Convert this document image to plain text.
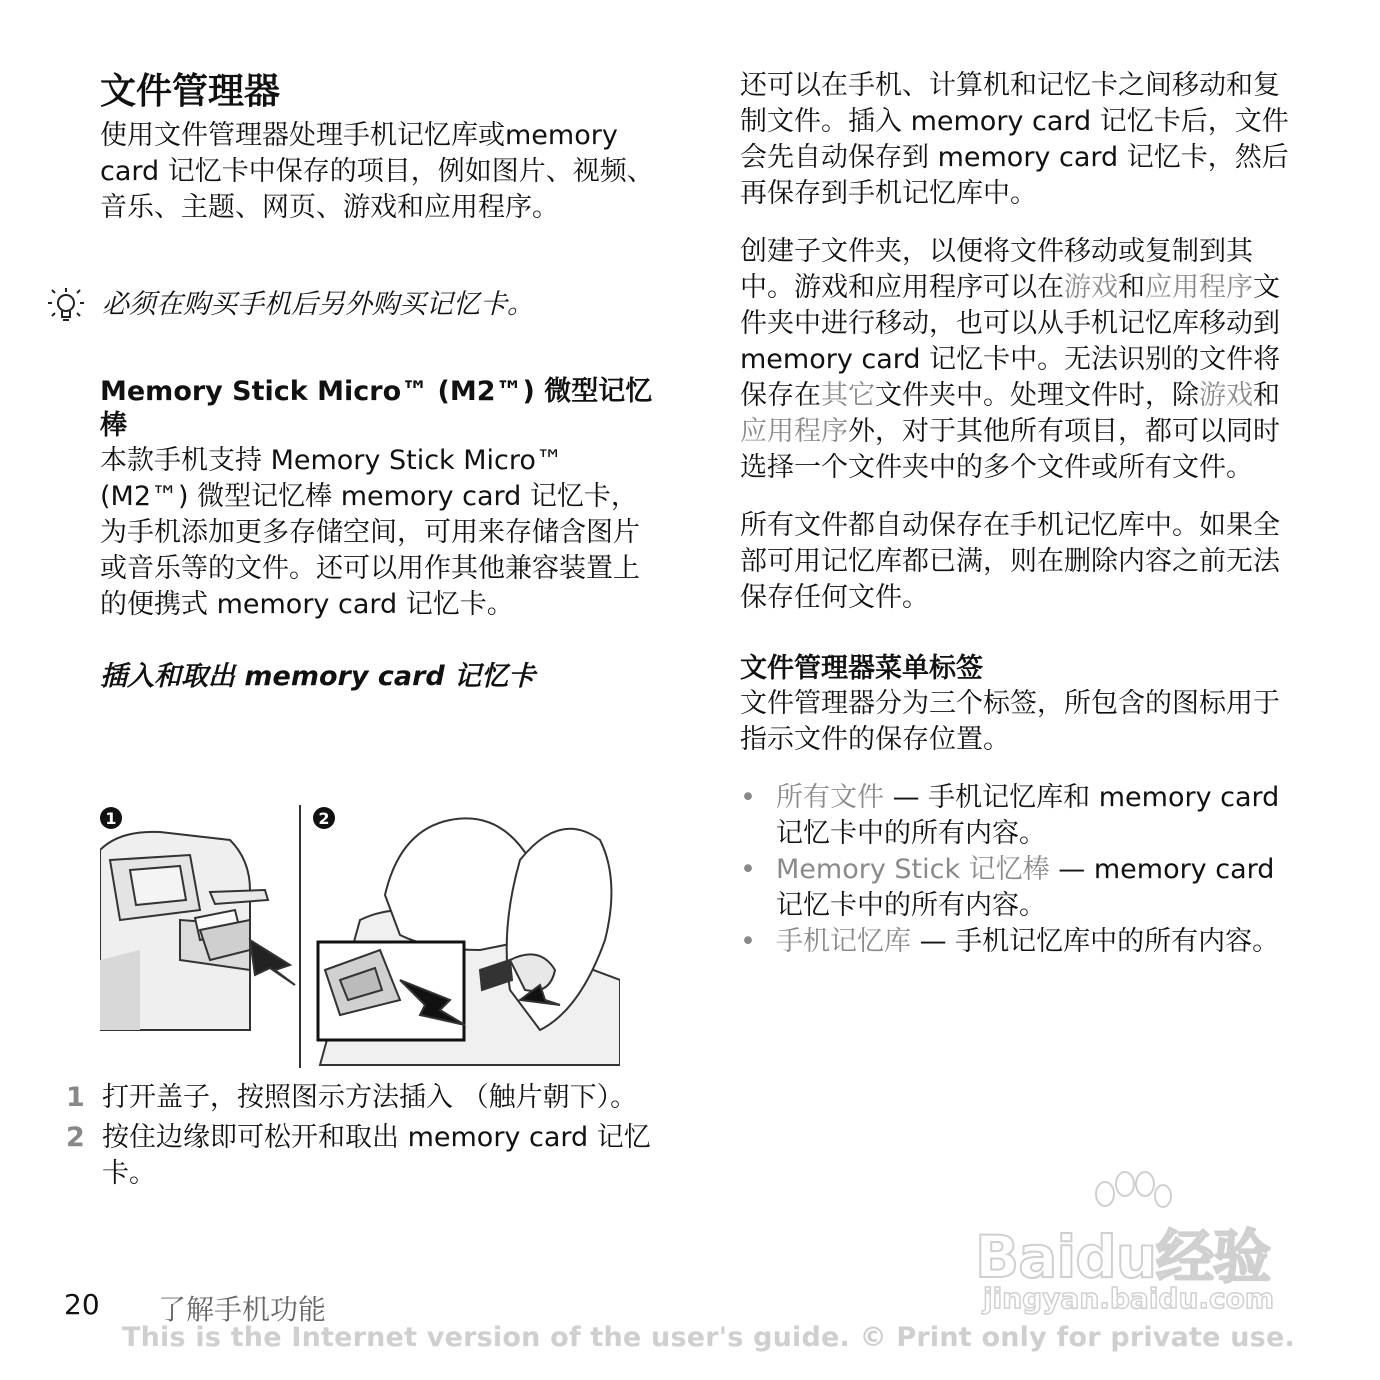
文件管理器

使用文件管理器处理手机记忆库或memory card 记忆卡中保存的项目，例如图片、视频、音乐、主题、网页、游戏和应用程序。

必须在购买手机后另外购买记忆卡。
Memory Stick Micro™ (M2™) 微型记忆棒

本款手机支持 Memory Stick Micro™ (M2™) 微型记忆棒 memory card 记忆卡，为手机添加更多存储空间，可用来存储含图片或音乐等的文件。还可以用作其他兼容装置上的便携式 memory card 记忆卡。

插入和取出 memory card 记忆卡
1	2
1 打开盖子，按照图示方法插入 （触片朝下）。
2 按住边缘即可松开和取出 memory card 记忆卡。

还可以在手机、计算机和记忆卡之间移动和复制文件。插入 memory card 记忆卡后，文件会先自动保存到 memory card 记忆卡，然后再保存到手机记忆库中。

创建子文件夹，以便将文件移动或复制到其中。游戏和应用程序可以在游戏和应用程序文件夹中进行移动，也可以从手机记忆库移动到 memory card 记忆卡中。无法识别的文件将保存在其它文件夹中。处理文件时，除游戏和应用程序外，对于其他所有项目，都可以同时选择一个文件夹中的多个文件或所有文件。

所有文件都自动保存在手机记忆库中。如果全部可用记忆库都已满，则在删除内容之前无法保存任何文件。

文件管理器菜单标签

文件管理器分为三个标签，所包含的图标用于指示文件的保存位置。

• 所有文件 — 手机记忆库和 memory card 记忆卡中的所有内容。
• Memory Stick 记忆棒 — memory card 记忆卡中的所有内容。
• 手机记忆库 — 手机记忆库中的所有内容。
Baidu经验
jingyan.baidu.com
20 了解手机功能
This is the Internet version of the user's guide. © Print only for private use.
